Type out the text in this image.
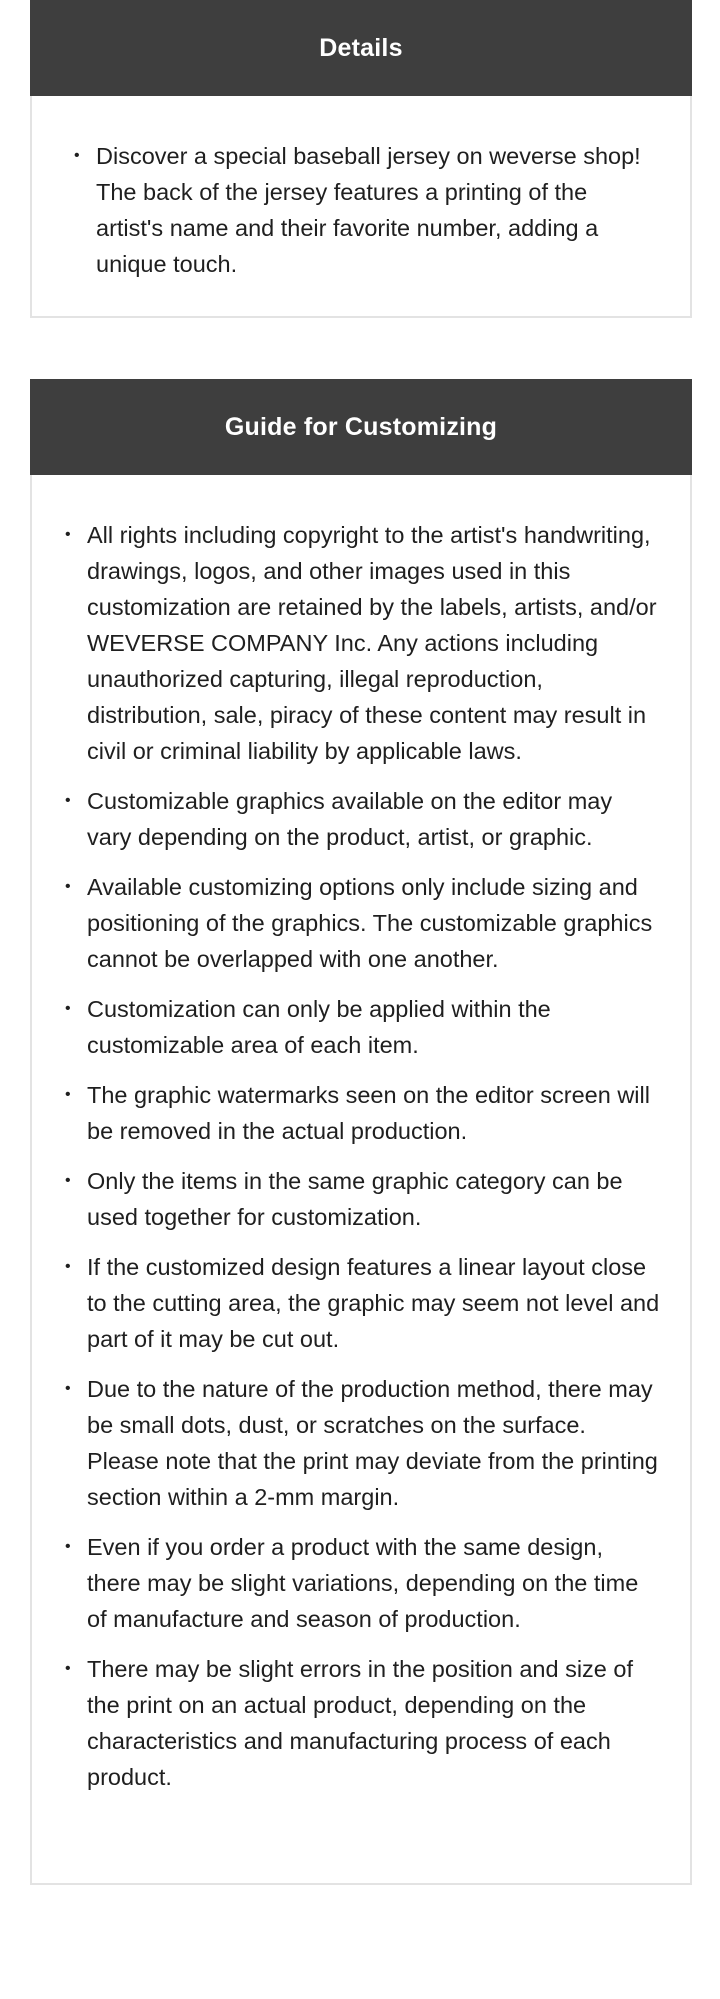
Details
• Discover a special baseball jersey on weverse shop! The back of the jersey features a printing of the artist's name and their favorite number, adding a unique touch.
Guide for Customizing
• All rights including copyright to the artist's handwriting, drawings, logos, and other images used in this customization are retained by the labels, artists, and/or WEVERSE COMPANY Inc. Any actions including unauthorized capturing, illegal reproduction, distribution, sale, piracy of these content may result in civil or criminal liability by applicable laws.
• Customizable graphics available on the editor may vary depending on the product, artist, or graphic.
• Available customizing options only include sizing and positioning of the graphics. The customizable graphics cannot be overlapped with one another.
• Customization can only be applied within the customizable area of each item.
• The graphic watermarks seen on the editor screen will be removed in the actual production.
• Only the items in the same graphic category can be used together for customization.
• If the customized design features a linear layout close to the cutting area, the graphic may seem not level and part of it may be cut out.
• Due to the nature of the production method, there may be small dots, dust, or scratches on the surface. Please note that the print may deviate from the printing section within a 2-mm margin.
• Even if you order a product with the same design, there may be slight variations, depending on the time of manufacture and season of production.
• There may be slight errors in the position and size of the print on an actual product, depending on the characteristics and manufacturing process of each product.
